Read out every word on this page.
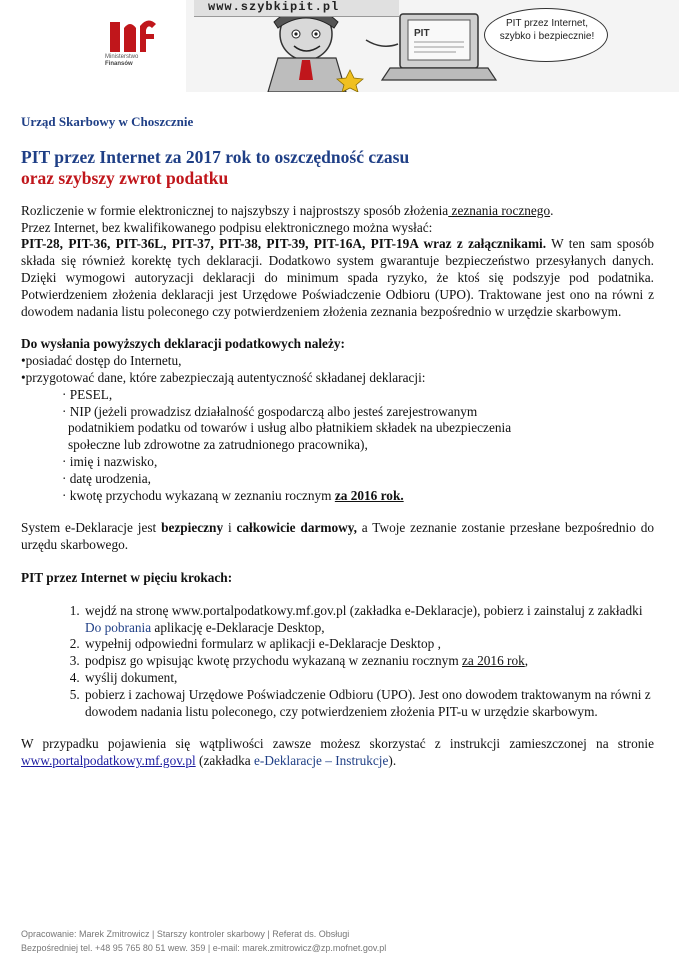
Ministerstwo
Finansów
PIT
www.szybkipit.pl
PIT przez Internet,
szybko i bezpiecznie!

Urząd Skarbowy w Choszcznie

PIT przez Internet za 2017 rok to oszczędność czasu
oraz szybszy zwrot podatku

Rozliczenie w formie elektronicznej to najszybszy i najprostszy sposób złożenia zeznania rocznego.

Przez Internet, bez kwalifikowanego podpisu elektronicznego można wysłać:

PIT-28, PIT-36, PIT-36L, PIT-37, PIT-38, PIT-39, PIT-16A, PIT-19A wraz z załącznikami. W ten sam sposób składa się również korektę tych deklaracji. Dodatkowo system gwarantuje bezpieczeństwo przesyłanych danych. Dzięki wymogowi autoryzacji deklaracji do minimum spada ryzyko, że ktoś się podszyje pod podatnika. Potwierdzeniem złożenia deklaracji jest Urzędowe Poświadczenie Odbioru (UPO). Traktowane jest ono na równi z dowodem nadania listu poleconego czy potwierdzeniem złożenia zeznania bezpośrednio w urzędzie skarbowym.

Do wysłania powyższych deklaracji podatkowych należy:

•posiadać dostęp do Internetu,

•przygotować dane, które zabezpieczają autentyczność składanej deklaracji:

· PESEL,

· NIP (jeżeli prowadzisz działalność gospodarczą albo jesteś zarejestrowanym

podatnikiem podatku od towarów i usług albo płatnikiem składek na ubezpieczenia

społeczne lub zdrowotne za zatrudnionego pracownika),

· imię i nazwisko,

· datę urodzenia,

· kwotę przychodu wykazaną w zeznaniu rocznym za 2016 rok.

System e-Deklaracje jest bezpieczny i całkowicie darmowy, a Twoje zeznanie zostanie przesłane bezpośrednio do urzędu skarbowego.

PIT przez Internet w pięciu krokach:

1. wejdź na stronę www.portalpodatkowy.mf.gov.pl (zakładka e-Deklaracje), pobierz i zainstaluj z zakładki Do pobrania aplikację e-Deklaracje Desktop,
2. wypełnij odpowiedni formularz w aplikacji e-Deklaracje Desktop ,
3. podpisz go wpisując kwotę przychodu wykazaną w zeznaniu rocznym za 2016 rok,
4. wyślij dokument,
5. pobierz i zachowaj Urzędowe Poświadczenie Odbioru (UPO). Jest ono dowodem traktowanym na równi z dowodem nadania listu poleconego, czy potwierdzeniem złożenia PIT-u w urzędzie skarbowym.

W przypadku pojawienia się wątpliwości zawsze możesz skorzystać z instrukcji zamieszczonej na stronie www.portalpodatkowy.mf.gov.pl (zakładka e-Deklaracje – Instrukcje).

Opracowanie: Marek Zmitrowicz | Starszy kontroler skarbowy | Referat ds. Obsługi
Bezpośredniej tel. +48 95 765 80 51 wew. 359 | e-mail: marek.zmitrowicz@zp.mofnet.gov.pl
